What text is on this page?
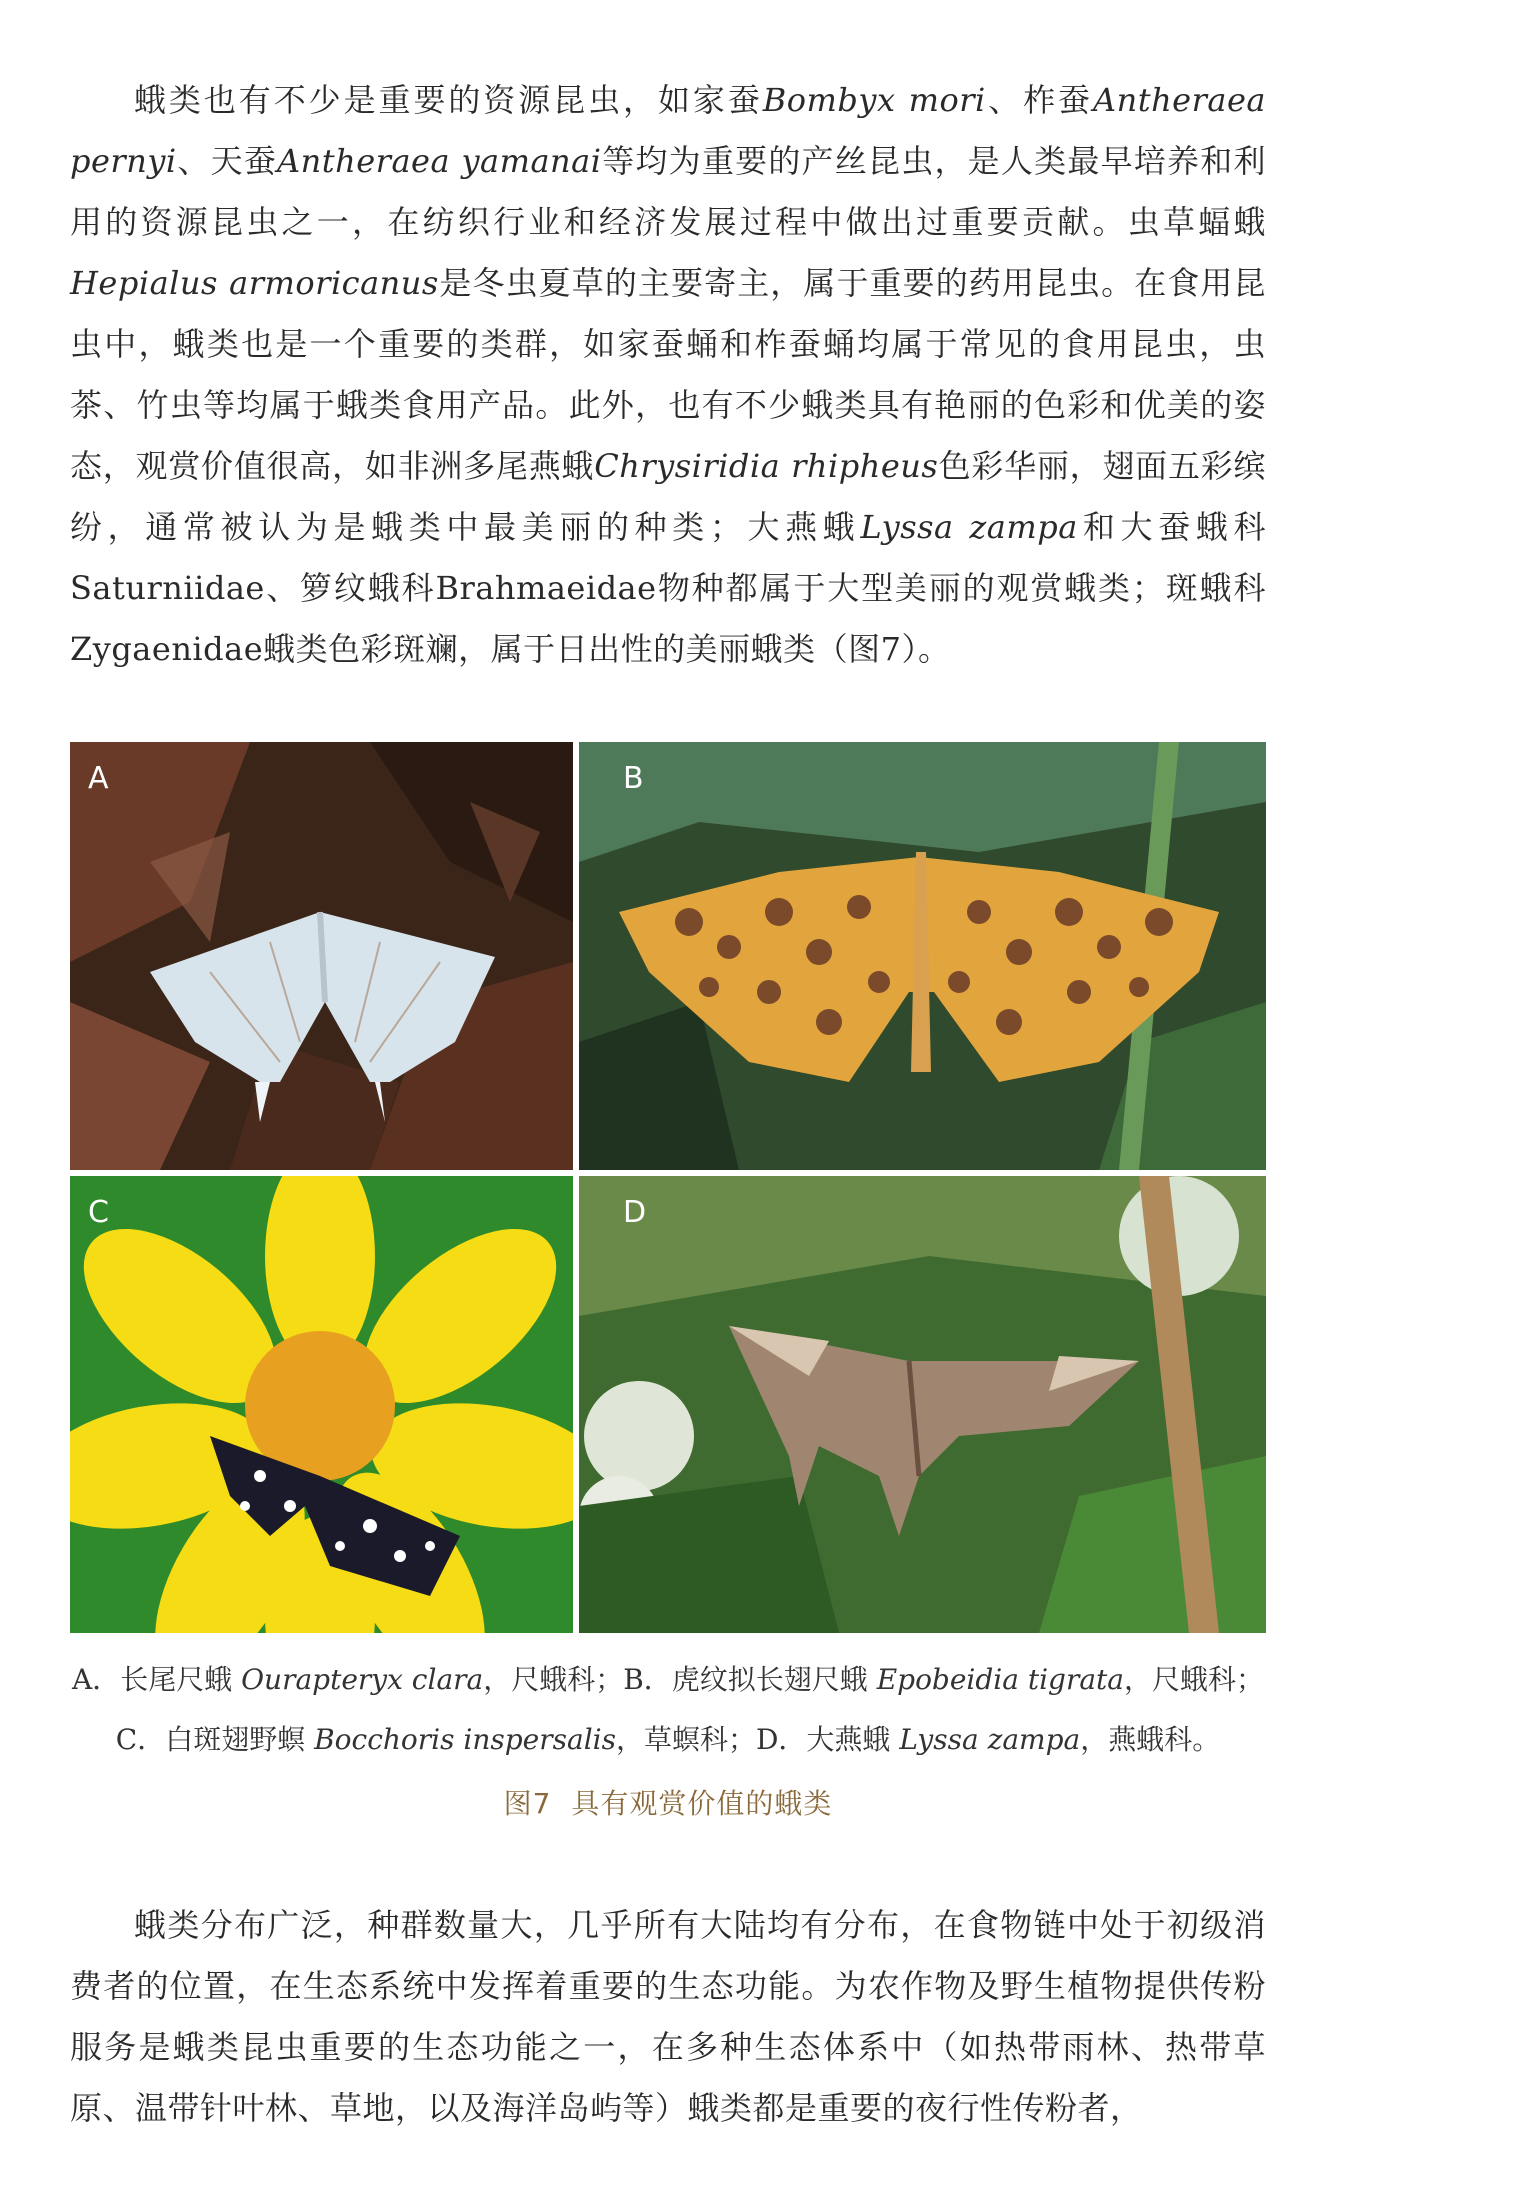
蛾类也有不少是重要的资源昆虫，如家蚕Bombyx mori、柞蚕Antheraea pernyi、天蚕Antheraea yamanai等均为重要的产丝昆虫，是人类最早培养和利用的资源昆虫之一，在纺织行业和经济发展过程中做出过重要贡献。虫草蝠蛾Hepialus armoricanus是冬虫夏草的主要寄主，属于重要的药用昆虫。在食用昆虫中，蛾类也是一个重要的类群，如家蚕蛹和柞蚕蛹均属于常见的食用昆虫，虫茶、竹虫等均属于蛾类食用产品。此外，也有不少蛾类具有艳丽的色彩和优美的姿态，观赏价值很高，如非洲多尾燕蛾Chrysiridia rhipheus色彩华丽，翅面五彩缤纷，通常被认为是蛾类中最美丽的种类；大燕蛾Lyssa zampa和大蚕蛾科Saturniidae、箩纹蛾科Brahmaeidae物种都属于大型美丽的观赏蛾类；斑蛾科Zygaenidae蛾类色彩斑斓，属于日出性的美丽蛾类（图7）。

A	B
C	D

A．长尾尺蛾 Ourapteryx clara，尺蛾科；B．虎纹拟长翅尺蛾 Epobeidia tigrata，尺蛾科；

C．白斑翅野螟 Bocchoris inspersalis，草螟科；D．大燕蛾 Lyssa zampa，燕蛾科。

图7 具有观赏价值的蛾类

蛾类分布广泛，种群数量大，几乎所有大陆均有分布，在食物链中处于初级消费者的位置，在生态系统中发挥着重要的生态功能。为农作物及野生植物提供传粉服务是蛾类昆虫重要的生态功能之一，在多种生态体系中（如热带雨林、热带草原、温带针叶林、草地，以及海洋岛屿等）蛾类都是重要的夜行性传粉者，
